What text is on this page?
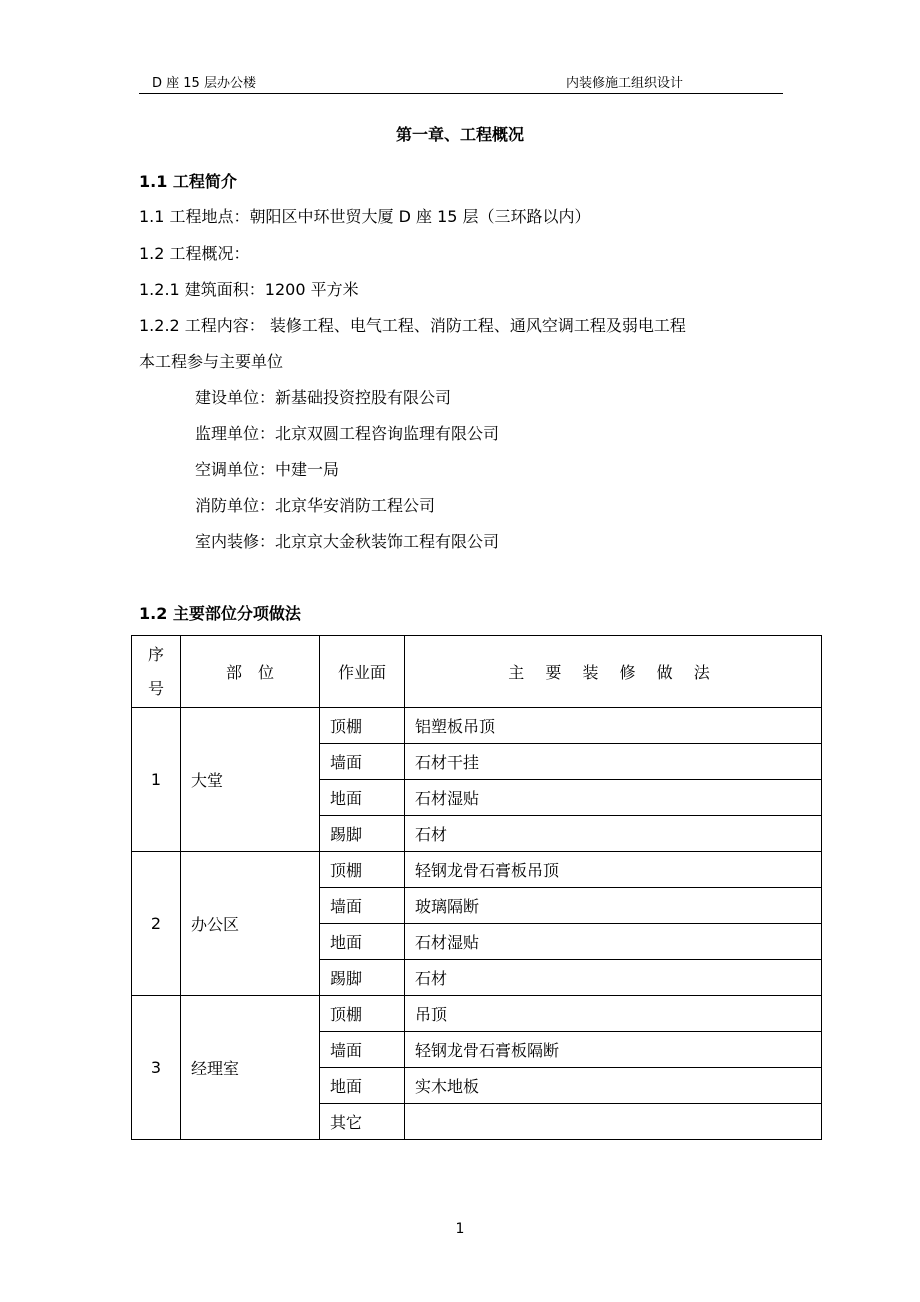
D 座 15 层办公楼	内装修施工组织设计
第一章、工程概况
1.1 工程简介
1.1 工程地点：朝阳区中环世贸大厦 D 座 15 层（三环路以内）
1.2 工程概况：
1.2.1 建筑面积：1200 平方米
1.2.2 工程内容： 装修工程、电气工程、消防工程、通风空调工程及弱电工程
本工程参与主要单位
建设单位：新基础投资控股有限公司
监理单位：北京双圆工程咨询监理有限公司
空调单位：中建一局
消防单位：北京华安消防工程公司
室内装修：北京京大金秋装饰工程有限公司
1.2 主要部位分项做法
序
号	部　位	作业面	主 要 装 修 做 法
1	大堂	顶棚	铝塑板吊顶
		墙面	石材干挂
		地面	石材湿贴
		踢脚	石材
2	办公区	顶棚	轻钢龙骨石膏板吊顶
		墙面	玻璃隔断
		地面	石材湿贴
		踢脚	石材
3	经理室	顶棚	吊顶
		墙面	轻钢龙骨石膏板隔断
		地面	实木地板
		其它	
1
